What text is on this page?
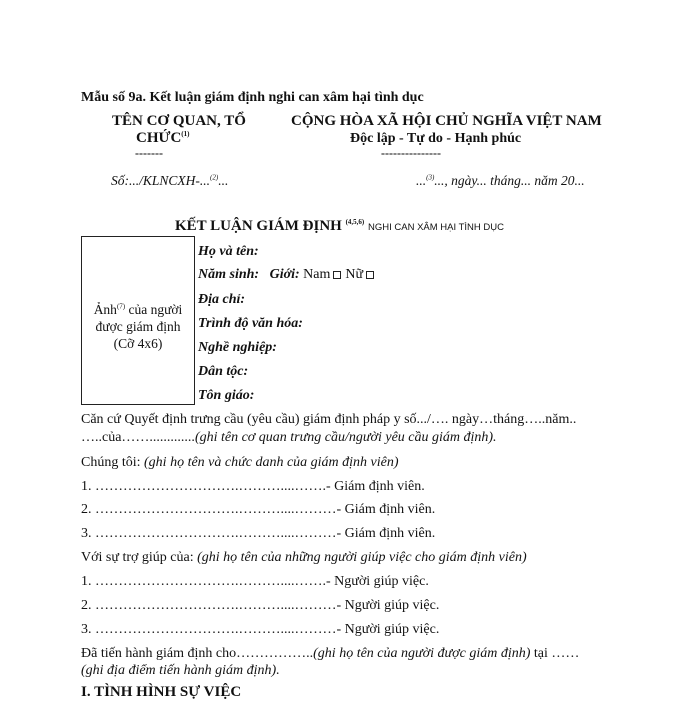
Mẫu số 9a. Kết luận giám định nghi can xâm hại tình dục
TÊN CƠ QUAN, TỔ
CHỨC$^{(1)}$
-------
Số:.../KLNCXH-...$^{(2)}$...
CỘNG HÒA XÃ HỘI CHỦ NGHĨA VIỆT NAM
Độc lập - Tự do - Hạnh phúc
---------------
...$^{(3)}$..., ngày... tháng... năm 20...
KẾT LUẬN GIÁM ĐỊNH $^{(4,5,6)}$ NGHI CAN XÂM HẠI TÌNH DỤC
Ảnh$^{(7)}$ của người
được giám định
(Cỡ 4x6)
Họ và tên:
Năm sinh: Giới: Nam Nữ
Địa chỉ:
Trình độ văn hóa:
Nghề nghiệp:
Dân tộc:
Tôn giáo:
Căn cứ Quyết định trưng cầu (yêu cầu) giám định pháp y số.../…. ngày…tháng…..năm..
…..của…….............(ghi tên cơ quan trưng cầu/người yêu cầu giám định).
Chúng tôi: (ghi họ tên và chức danh của giám định viên)
1. ………………………….………....…….- Giám định viên.
2. ………………………….………....………- Giám định viên.
3. ………………………….………....………- Giám định viên.
Với sự trợ giúp của: (ghi họ tên của những người giúp việc cho giám định viên)
1. ………………………….………....…….- Người giúp việc.
2. ………………………….………....………- Người giúp việc.
3. ………………………….………....………- Người giúp việc.
Đã tiến hành giám định cho……………..(ghi họ tên của người được giám định) tại ……
(ghi địa điểm tiến hành giám định).
I. TÌNH HÌNH SỰ VIỆC
